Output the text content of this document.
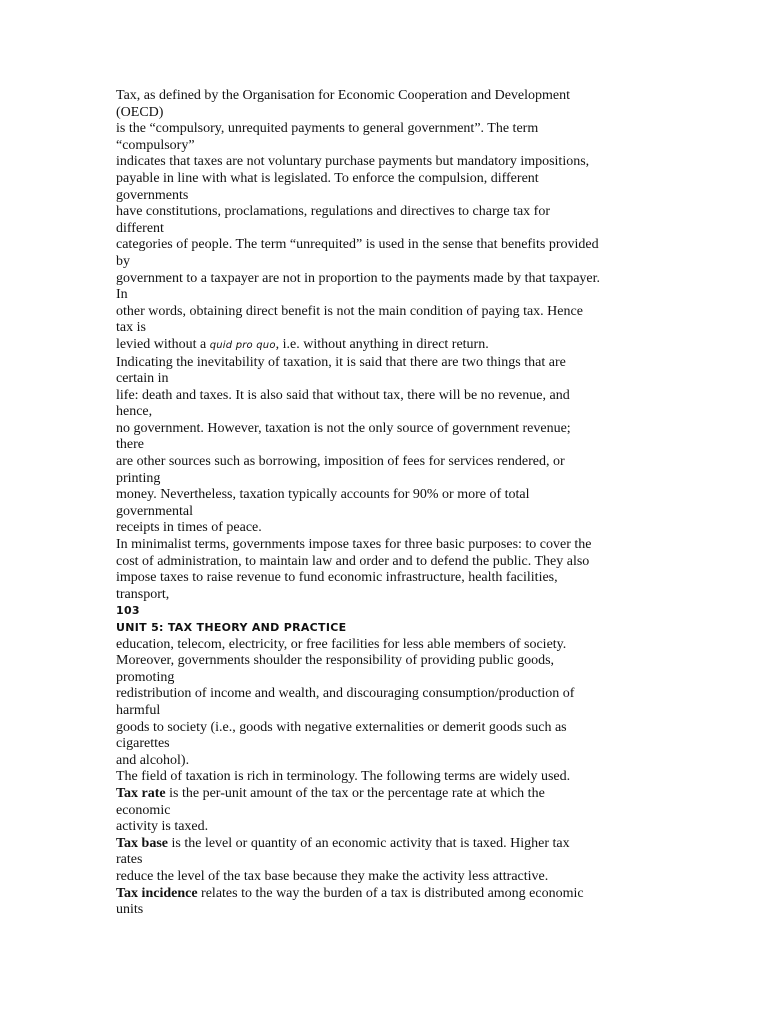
Tax, as defined by the Organisation for Economic Cooperation and Development
(OECD)
is the “compulsory, unrequited payments to general government”. The term
“compulsory”
indicates that taxes are not voluntary purchase payments but mandatory impositions,
payable in line with what is legislated. To enforce the compulsion, different
governments
have constitutions, proclamations, regulations and directives to charge tax for
different
categories of people. The term “unrequited” is used in the sense that benefits provided
by
government to a taxpayer are not in proportion to the payments made by that taxpayer.
In
other words, obtaining direct benefit is not the main condition of paying tax. Hence
tax is
levied without a quid pro quo, i.e. without anything in direct return.
Indicating the inevitability of taxation, it is said that there are two things that are
certain in
life: death and taxes. It is also said that without tax, there will be no revenue, and
hence,
no government. However, taxation is not the only source of government revenue;
there
are other sources such as borrowing, imposition of fees for services rendered, or
printing
money. Nevertheless, taxation typically accounts for 90% or more of total
governmental
receipts in times of peace.
In minimalist terms, governments impose taxes for three basic purposes: to cover the
cost of administration, to maintain law and order and to defend the public. They also
impose taxes to raise revenue to fund economic infrastructure, health facilities,
transport,
103
UNIT 5: TAX THEORY AND PRACTICE
education, telecom, electricity, or free facilities for less able members of society.
Moreover, governments shoulder the responsibility of providing public goods,
promoting
redistribution of income and wealth, and discouraging consumption/production of
harmful
goods to society (i.e., goods with negative externalities or demerit goods such as
cigarettes
and alcohol).
The field of taxation is rich in terminology. The following terms are widely used.
Tax rate is the per-unit amount of the tax or the percentage rate at which the
economic
activity is taxed.
Tax base is the level or quantity of an economic activity that is taxed. Higher tax
rates
reduce the level of the tax base because they make the activity less attractive.
Tax incidence relates to the way the burden of a tax is distributed among economic
units
